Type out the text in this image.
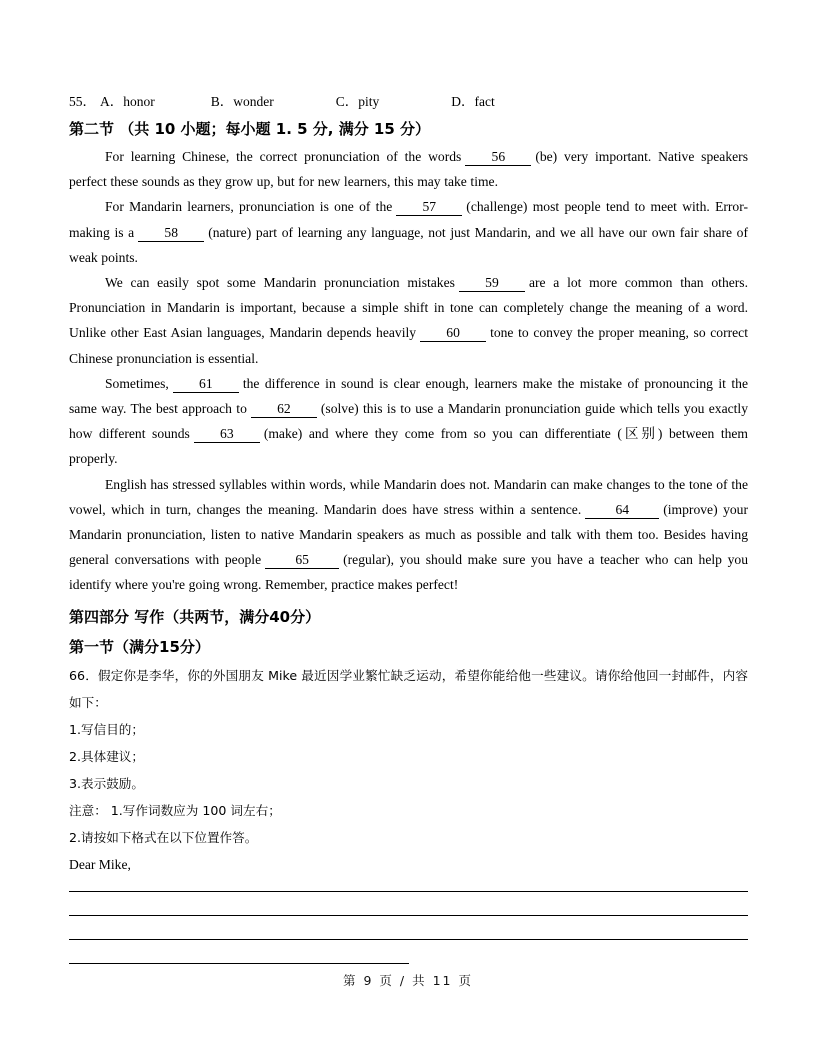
55． A．honor	B．wonder	C．pity	D．fact
第二节 （共 10 小题；每小题 1. 5 分, 满分 15 分）

For learning Chinese, the correct pronunciation of the words 56 (be) very important. Native speakers perfect these sounds as they grow up, but for new learners, this may take time.

For Mandarin learners, pronunciation is one of the 57 (challenge) most people tend to meet with. Error-making is a 58 (nature) part of learning any language, not just Mandarin, and we all have our own fair share of weak points.

We can easily spot some Mandarin pronunciation mistakes 59 are a lot more common than others. Pronunciation in Mandarin is important, because a simple shift in tone can completely change the meaning of a word. Unlike other East Asian languages, Mandarin depends heavily 60 tone to convey the proper meaning, so correct Chinese pronunciation is essential.

Sometimes, 61 the difference in sound is clear enough, learners make the mistake of pronouncing it the same way. The best approach to 62 (solve) this is to use a Mandarin pronunciation guide which tells you exactly how different sounds 63 (make) and where they come from so you can differentiate (区别) between them properly.

English has stressed syllables within words, while Mandarin does not. Mandarin can make changes to the tone of the vowel, which in turn, changes the meaning. Mandarin does have stress within a sentence.	64	(improve) your Mandarin pronunciation, listen to native Mandarin speakers as much as possible and talk with them too. Besides having general conversations with people	65	(regular), you should make sure you have a teacher who can help you identify where you're going wrong. Remember, practice makes perfect!

第四部分 写作（共两节，满分40分）
第一节（满分15分）

66．假定你是李华，你的外国朋友 Mike 最近因学业繁忙缺乏运动，希望你能给他一些建议。请你给他回一封邮件，内容如下：

1.写信目的；

2.具体建议；

3.表示鼓励。

注意： 1.写作词数应为 100 词左右；

2.请按如下格式在以下位置作答。

Dear Mike,

第 9 页 / 共 11 页
